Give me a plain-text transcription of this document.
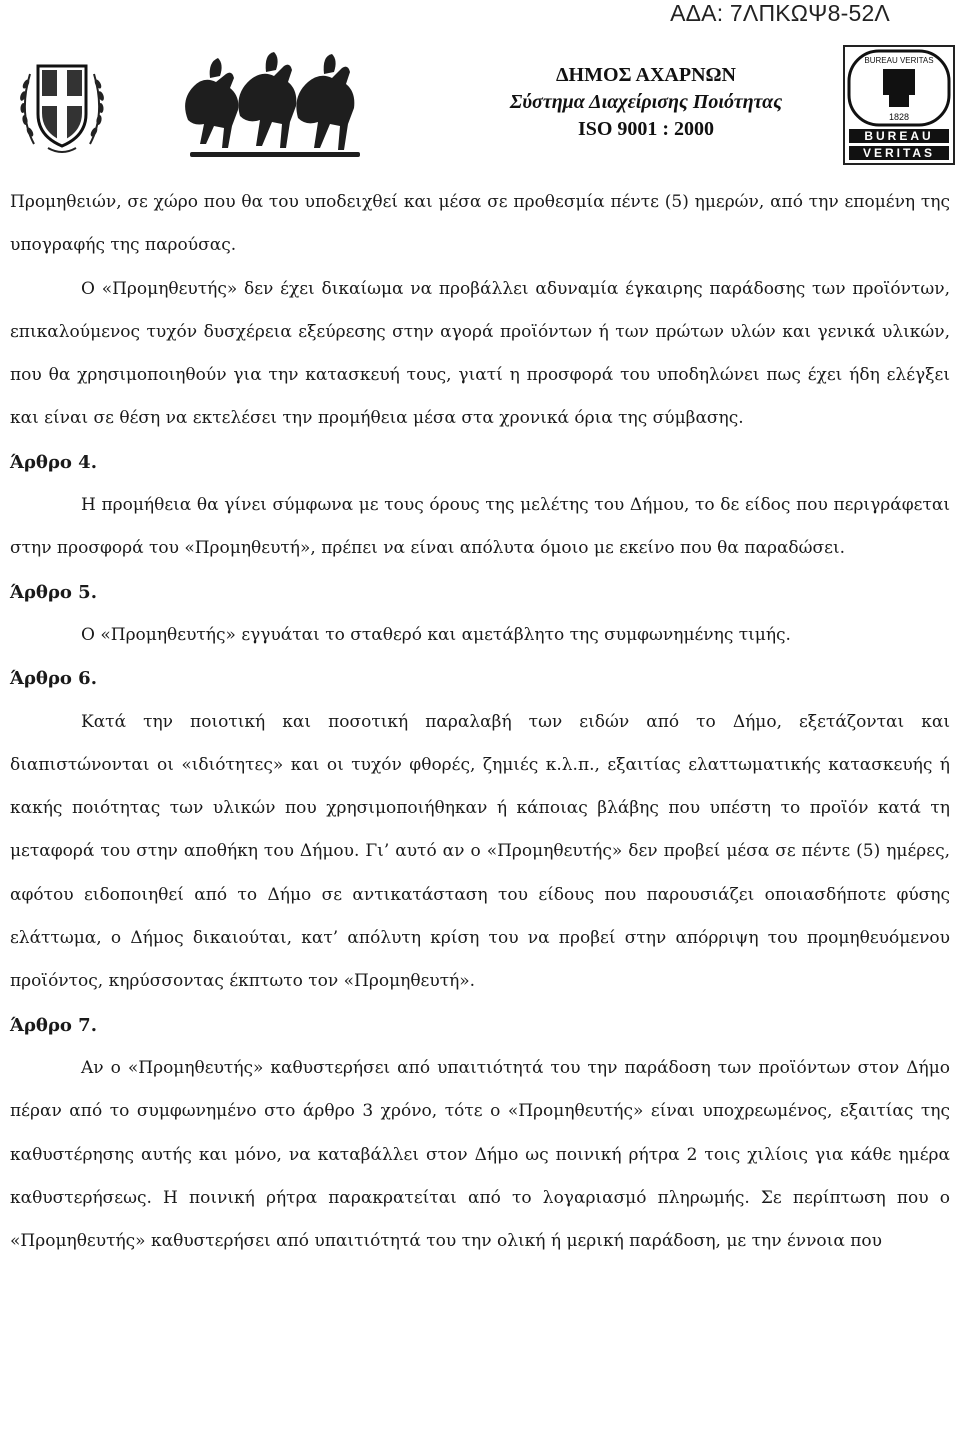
ΑΔΑ: 7ΛΠΚΩΨ8-52Λ
ΔΗΜΟΣ ΑΧΑΡΝΩΝ
Σύστημα Διαχείρισης Ποιότητας
ISO 9001 : 2000
BUREAU VERITAS
1828
BUREAU
VERITAS

Προμηθειών, σε χώρο που θα του υποδειχθεί και μέσα σε προθεσμία πέντε (5) ημερών, από την επομένη της υπογραφής της παρούσας.

Ο «Προμηθευτής» δεν έχει δικαίωμα να προβάλλει αδυναμία έγκαιρης παράδοσης των προϊόντων, επικαλούμενος τυχόν δυσχέρεια εξεύρεσης στην αγορά προϊόντων ή των πρώτων υλών και γενικά υλικών, που θα χρησιμοποιηθούν για την κατασκευή τους, γιατί η προσφορά του υποδηλώνει πως έχει ήδη ελέγξει και είναι σε θέση να εκτελέσει την προμήθεια μέσα στα χρονικά όρια της σύμβασης.

Άρθρο 4.

Η προμήθεια θα γίνει σύμφωνα με τους όρους της μελέτης του Δήμου, το δε είδος που περιγράφεται στην προσφορά του «Προμηθευτή», πρέπει να είναι απόλυτα όμοιο με εκείνο που θα παραδώσει.

Άρθρο 5.

Ο «Προμηθευτής» εγγυάται το σταθερό και αμετάβλητο της συμφωνημένης τιμής.

Άρθρο 6.

Κατά την ποιοτική και ποσοτική παραλαβή των ειδών από το Δήμο, εξετάζονται και διαπιστώνονται οι «ιδιότητες» και οι τυχόν φθορές, ζημιές κ.λ.π., εξαιτίας ελαττωματικής κατασκευής ή κακής ποιότητας των υλικών που χρησιμοποιήθηκαν ή κάποιας βλάβης που υπέστη το προϊόν κατά τη μεταφορά του στην αποθήκη του Δήμου. Γι’ αυτό αν ο «Προμηθευτής» δεν προβεί μέσα σε πέντε (5) ημέρες, αφότου ειδοποιηθεί από το Δήμο σε αντικατάσταση του είδους που παρουσιάζει οποιασδήποτε φύσης ελάττωμα, ο Δήμος δικαιούται, κατ’ απόλυτη κρίση του να προβεί στην απόρριψη του προμηθευόμενου προϊόντος, κηρύσσοντας έκπτωτο τον «Προμηθευτή».

Άρθρο 7.

Αν ο «Προμηθευτής» καθυστερήσει από υπαιτιότητά του την παράδοση των προϊόντων στον Δήμο πέραν από το συμφωνημένο στο άρθρο 3 χρόνο, τότε ο «Προμηθευτής» είναι υποχρεωμένος, εξαιτίας της καθυστέρησης αυτής και μόνο, να καταβάλλει στον Δήμο ως ποινική ρήτρα 2 τοις χιλίοις για κάθε ημέρα καθυστερήσεως. Η ποινική ρήτρα παρακρατείται από το λογαριασμό πληρωμής. Σε περίπτωση που ο «Προμηθευτής» καθυστερήσει από υπαιτιότητά του την ολική ή μερική παράδοση, με την έννοια που
